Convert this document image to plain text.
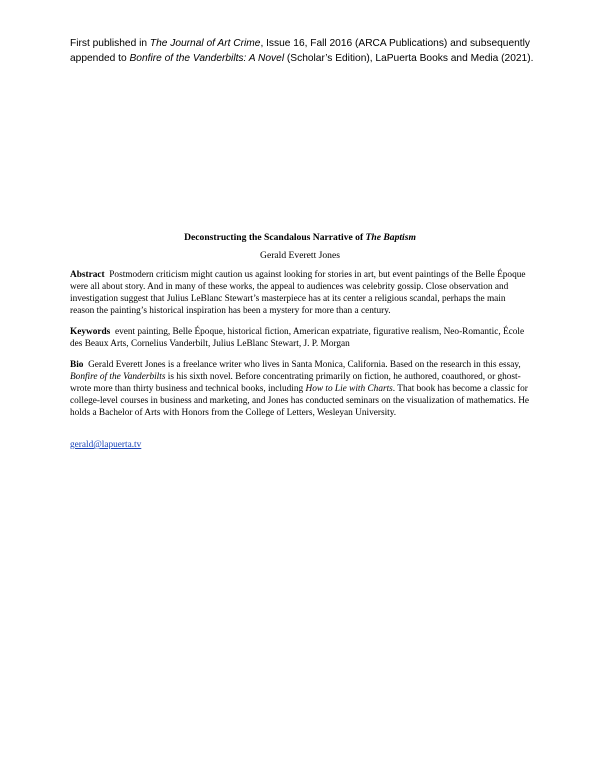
First published in The Journal of Art Crime, Issue 16, Fall 2016 (ARCA Publications) and subsequently appended to Bonfire of the Vanderbilts: A Novel (Scholar’s Edition), LaPuerta Books and Media (2021).
Deconstructing the Scandalous Narrative of The Baptism
Gerald Everett Jones
Abstract Postmodern criticism might caution us against looking for stories in art, but event paintings of the Belle Époque were all about story. And in many of these works, the appeal to audiences was celebrity gossip. Close observation and investigation suggest that Julius LeBlanc Stewart’s masterpiece has at its center a religious scandal, perhaps the main reason the painting’s historical inspiration has been a mystery for more than a century.
Keywords event painting, Belle Époque, historical fiction, American expatriate, figurative realism, Neo-Romantic, École des Beaux Arts, Cornelius Vanderbilt, Julius LeBlanc Stewart, J. P. Morgan
Bio Gerald Everett Jones is a freelance writer who lives in Santa Monica, California. Based on the research in this essay, Bonfire of the Vanderbilts is his sixth novel. Before concentrating primarily on fiction, he authored, coauthored, or ghost-wrote more than thirty business and technical books, including How to Lie with Charts. That book has become a classic for college-level courses in business and marketing, and Jones has conducted seminars on the visualization of mathematics. He holds a Bachelor of Arts with Honors from the College of Letters, Wesleyan University.
gerald@lapuerta.tv
